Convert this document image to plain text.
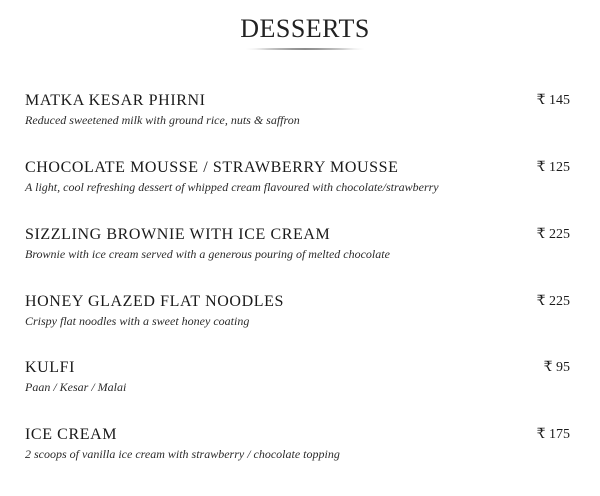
DESSERTS
MATKA KESAR PHIRNI
Reduced sweetened milk with ground rice, nuts & saffron
₹ 145
CHOCOLATE MOUSSE / STRAWBERRY MOUSSE
A light, cool refreshing dessert of whipped cream flavoured with chocolate/strawberry
₹ 125
SIZZLING BROWNIE WITH ICE CREAM
Brownie with ice cream served with a generous pouring of melted chocolate
₹ 225
HONEY GLAZED FLAT NOODLES
Crispy flat noodles with a sweet honey coating
₹ 225
KULFI
Paan / Kesar / Malai
₹ 95
ICE CREAM
2 scoops of vanilla ice cream with strawberry / chocolate topping
₹ 175
